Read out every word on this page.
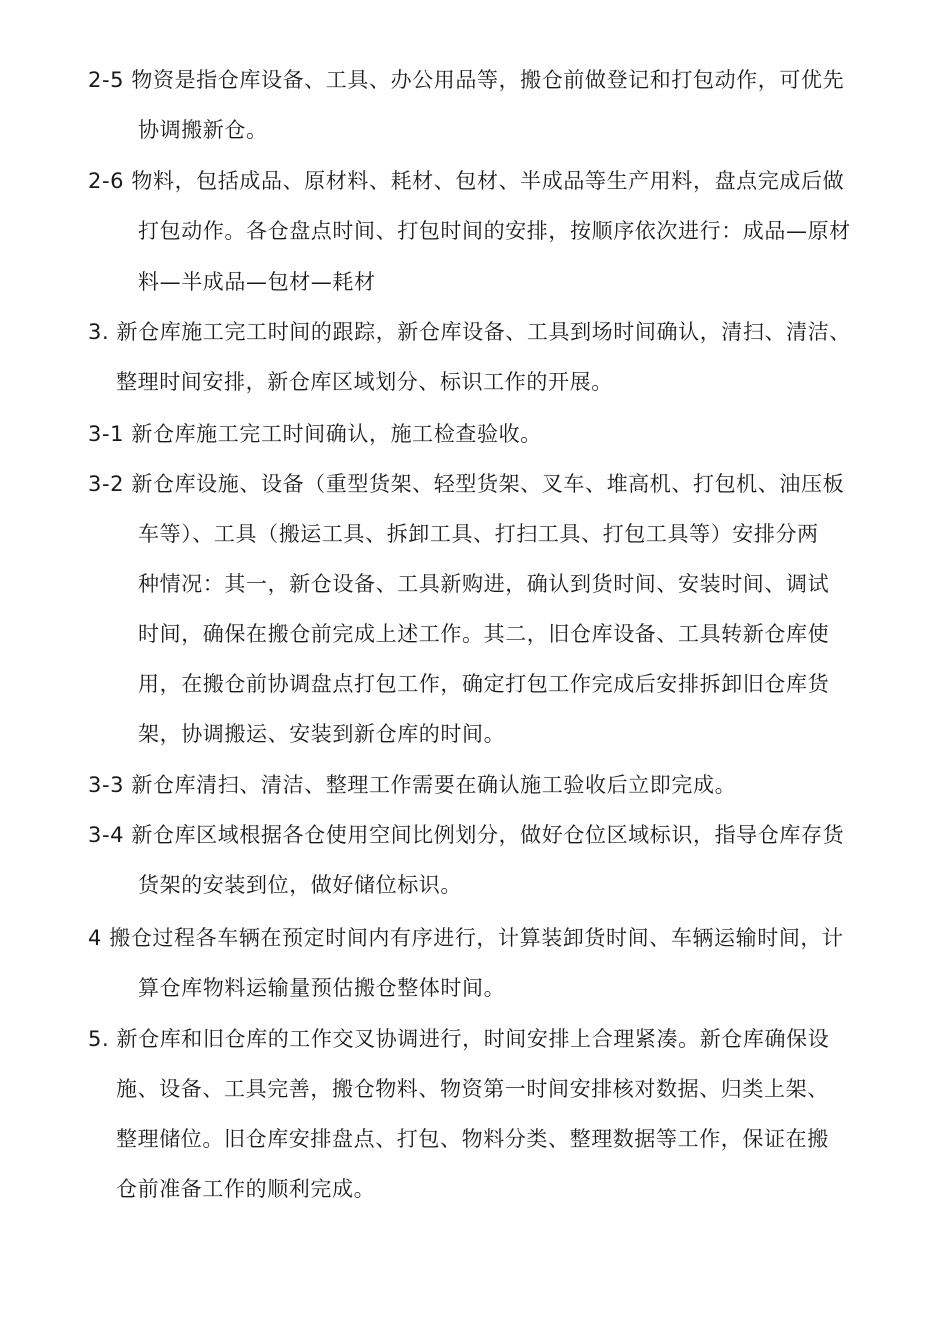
2-5 物资是指仓库设备、工具、办公用品等，搬仓前做登记和打包动作，可优先
协调搬新仓。
2-6 物料，包括成品、原材料、耗材、包材、半成品等生产用料，盘点完成后做
打包动作。各仓盘点时间、打包时间的安排，按顺序依次进行：成品—原材
料—半成品—包材—耗材
3. 新仓库施工完工时间的跟踪，新仓库设备、工具到场时间确认，清扫、清洁、
整理时间安排，新仓库区域划分、标识工作的开展。
3-1 新仓库施工完工时间确认，施工检查验收。
3-2 新仓库设施、设备（重型货架、轻型货架、叉车、堆高机、打包机、油压板
车等）、工具（搬运工具、拆卸工具、打扫工具、打包工具等）安排分两
种情况：其一，新仓设备、工具新购进，确认到货时间、安装时间、调试
时间，确保在搬仓前完成上述工作。其二，旧仓库设备、工具转新仓库使
用，在搬仓前协调盘点打包工作，确定打包工作完成后安排拆卸旧仓库货
架，协调搬运、安装到新仓库的时间。
3-3 新仓库清扫、清洁、整理工作需要在确认施工验收后立即完成。
3-4 新仓库区域根据各仓使用空间比例划分，做好仓位区域标识，指导仓库存货
货架的安装到位，做好储位标识。
4 搬仓过程各车辆在预定时间内有序进行，计算装卸货时间、车辆运输时间，计
算仓库物料运输量预估搬仓整体时间。
5. 新仓库和旧仓库的工作交叉协调进行，时间安排上合理紧凑。新仓库确保设
施、设备、工具完善，搬仓物料、物资第一时间安排核对数据、归类上架、
整理储位。旧仓库安排盘点、打包、物料分类、整理数据等工作，保证在搬
仓前准备工作的顺利完成。
